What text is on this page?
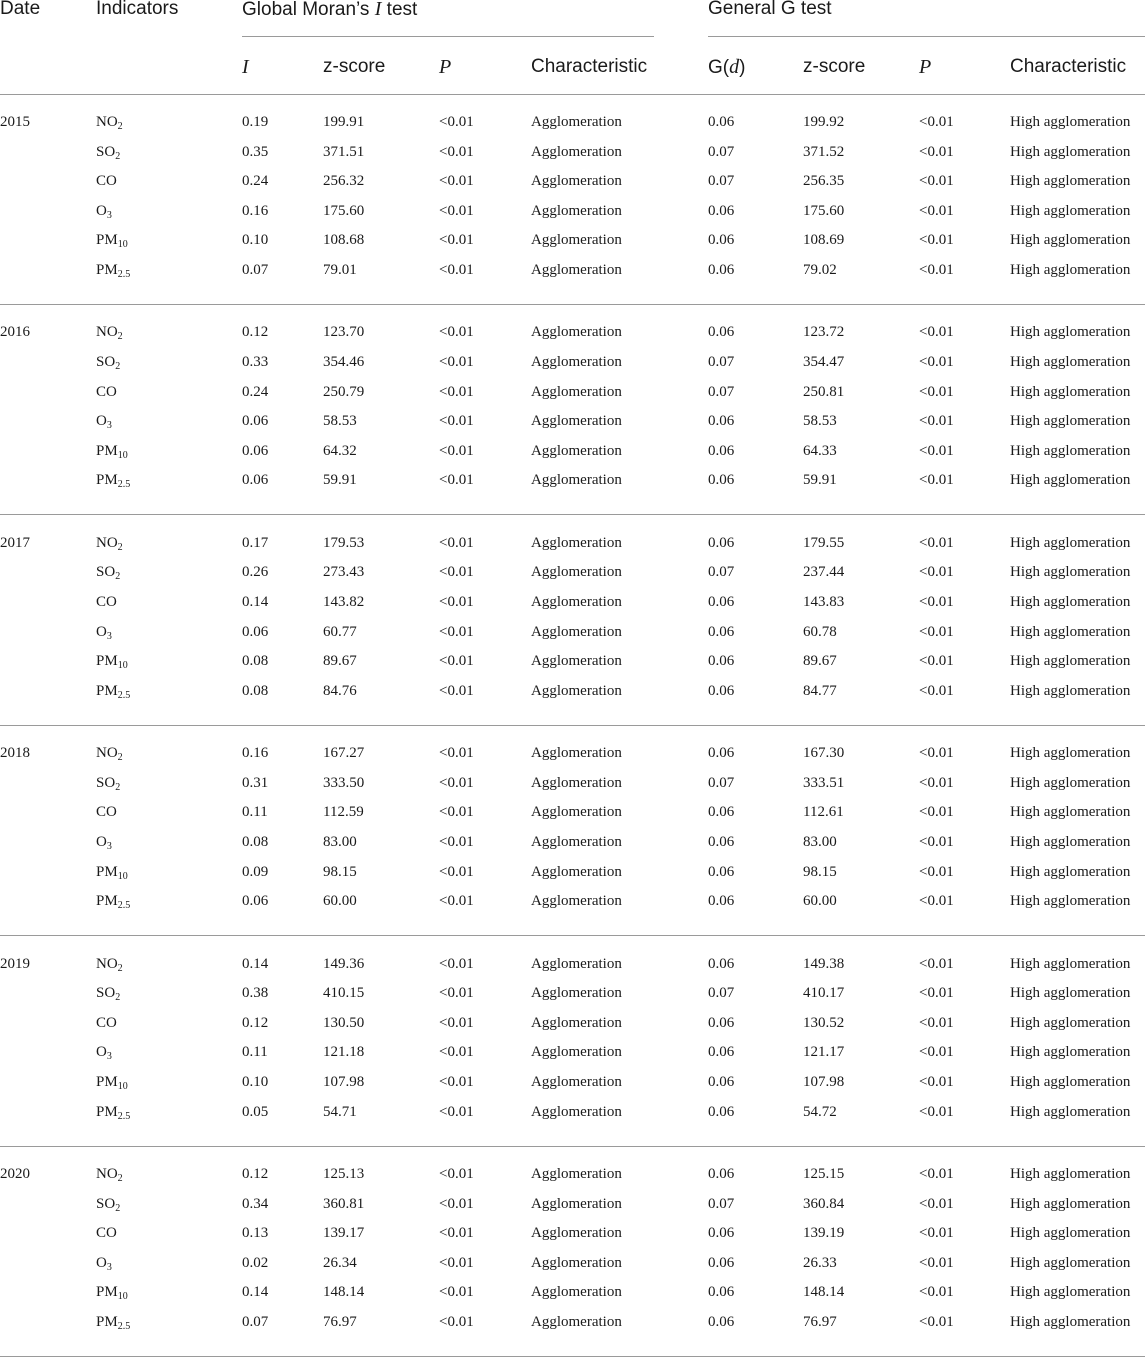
Date	Indicators	Global Moran’s I test	General G test
I	z-score	P	Characteristic	G(d)	z-score	P	Characteristic
2015	$NO_2$	0.19	199.91	<0.01	Agglomeration	0.06	199.92	<0.01	High agglomeration
$SO_2$	0.35	371.51	<0.01	Agglomeration	0.07	371.52	<0.01	High agglomeration
CO	0.24	256.32	<0.01	Agglomeration	0.07	256.35	<0.01	High agglomeration
$O_3$	0.16	175.60	<0.01	Agglomeration	0.06	175.60	<0.01	High agglomeration
$PM_{10}$	0.10	108.68	<0.01	Agglomeration	0.06	108.69	<0.01	High agglomeration
$PM_{2.5}$	0.07	79.01	<0.01	Agglomeration	0.06	79.02	<0.01	High agglomeration
2016	$NO_2$	0.12	123.70	<0.01	Agglomeration	0.06	123.72	<0.01	High agglomeration
$SO_2$	0.33	354.46	<0.01	Agglomeration	0.07	354.47	<0.01	High agglomeration
CO	0.24	250.79	<0.01	Agglomeration	0.07	250.81	<0.01	High agglomeration
$O_3$	0.06	58.53	<0.01	Agglomeration	0.06	58.53	<0.01	High agglomeration
$PM_{10}$	0.06	64.32	<0.01	Agglomeration	0.06	64.33	<0.01	High agglomeration
$PM_{2.5}$	0.06	59.91	<0.01	Agglomeration	0.06	59.91	<0.01	High agglomeration
2017	$NO_2$	0.17	179.53	<0.01	Agglomeration	0.06	179.55	<0.01	High agglomeration
$SO_2$	0.26	273.43	<0.01	Agglomeration	0.07	237.44	<0.01	High agglomeration
CO	0.14	143.82	<0.01	Agglomeration	0.06	143.83	<0.01	High agglomeration
$O_3$	0.06	60.77	<0.01	Agglomeration	0.06	60.78	<0.01	High agglomeration
$PM_{10}$	0.08	89.67	<0.01	Agglomeration	0.06	89.67	<0.01	High agglomeration
$PM_{2.5}$	0.08	84.76	<0.01	Agglomeration	0.06	84.77	<0.01	High agglomeration
2018	$NO_2$	0.16	167.27	<0.01	Agglomeration	0.06	167.30	<0.01	High agglomeration
$SO_2$	0.31	333.50	<0.01	Agglomeration	0.07	333.51	<0.01	High agglomeration
CO	0.11	112.59	<0.01	Agglomeration	0.06	112.61	<0.01	High agglomeration
$O_3$	0.08	83.00	<0.01	Agglomeration	0.06	83.00	<0.01	High agglomeration
$PM_{10}$	0.09	98.15	<0.01	Agglomeration	0.06	98.15	<0.01	High agglomeration
$PM_{2.5}$	0.06	60.00	<0.01	Agglomeration	0.06	60.00	<0.01	High agglomeration
2019	$NO_2$	0.14	149.36	<0.01	Agglomeration	0.06	149.38	<0.01	High agglomeration
$SO_2$	0.38	410.15	<0.01	Agglomeration	0.07	410.17	<0.01	High agglomeration
CO	0.12	130.50	<0.01	Agglomeration	0.06	130.52	<0.01	High agglomeration
$O_3$	0.11	121.18	<0.01	Agglomeration	0.06	121.17	<0.01	High agglomeration
$PM_{10}$	0.10	107.98	<0.01	Agglomeration	0.06	107.98	<0.01	High agglomeration
$PM_{2.5}$	0.05	54.71	<0.01	Agglomeration	0.06	54.72	<0.01	High agglomeration
2020	$NO_2$	0.12	125.13	<0.01	Agglomeration	0.06	125.15	<0.01	High agglomeration
$SO_2$	0.34	360.81	<0.01	Agglomeration	0.07	360.84	<0.01	High agglomeration
CO	0.13	139.17	<0.01	Agglomeration	0.06	139.19	<0.01	High agglomeration
$O_3$	0.02	26.34	<0.01	Agglomeration	0.06	26.33	<0.01	High agglomeration
$PM_{10}$	0.14	148.14	<0.01	Agglomeration	0.06	148.14	<0.01	High agglomeration
$PM_{2.5}$	0.07	76.97	<0.01	Agglomeration	0.06	76.97	<0.01	High agglomeration
